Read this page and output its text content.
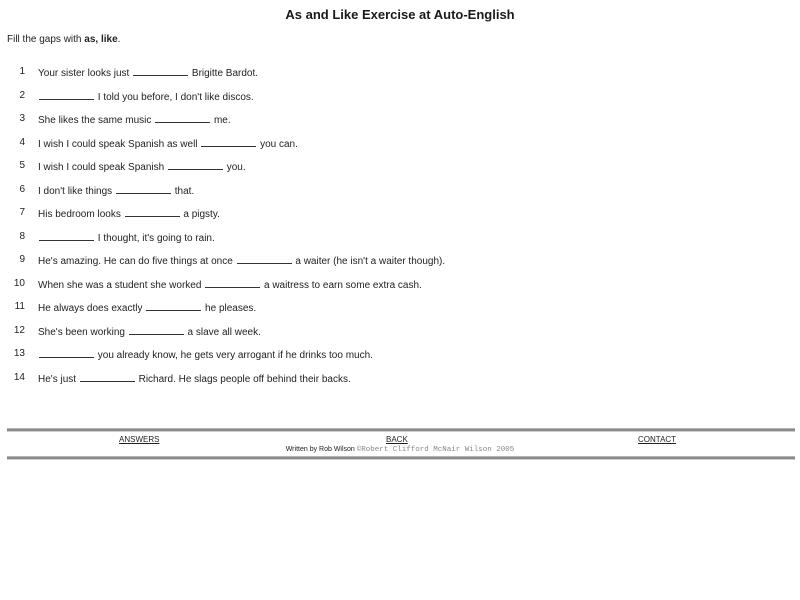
As and Like Exercise at Auto-English
Fill the gaps with as, like.
1 Your sister looks just	Brigitte Bardot.
2	I told you before, I don't like discos.
3 She likes the same music	me.
4 I wish I could speak Spanish as well	you can.
5 I wish I could speak Spanish	you.
6 I don't like things	that.
7 His bedroom looks	a pigsty.
8	I thought, it's going to rain.
9 He's amazing. He can do five things at once	a waiter (he isn't a waiter though).
10 When she was a student she worked	a waitress to earn some extra cash.
11 He always does exactly	he pleases.
12 She's been working	a slave all week.
13	you already know, he gets very arrogant if he drinks too much.
14 He's just	Richard. He slags people off behind their backs.
ANSWERS	BACK	CONTACT
Written by Rob Wilson ©Robert Clifford McNair Wilson 2005
